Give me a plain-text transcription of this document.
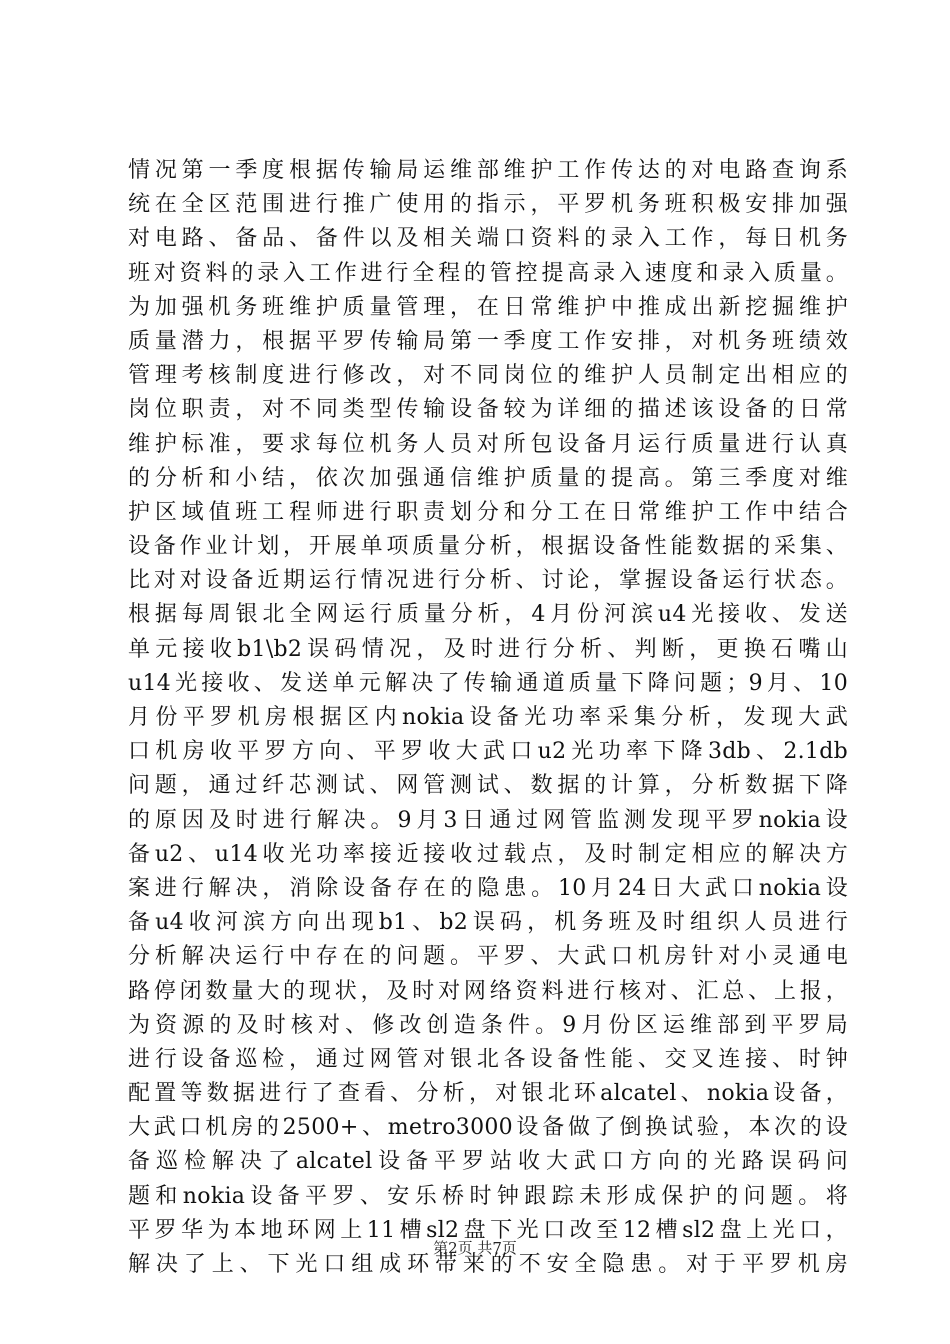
情况第一季度根据传输局运维部维护工作传达的对电路查询系
统在全区范围进行推广使用的指示，平罗机务班积极安排加强
对电路、备品、备件以及相关端口资料的录入工作，每日机务
班对资料的录入工作进行全程的管控提高录入速度和录入质量。
为加强机务班维护质量管理，在日常维护中推成出新挖掘维护
质量潜力，根据平罗传输局第一季度工作安排，对机务班绩效
管理考核制度进行修改，对不同岗位的维护人员制定出相应的
岗位职责，对不同类型传输设备较为详细的描述该设备的日常
维护标准，要求每位机务人员对所包设备月运行质量进行认真
的分析和小结，依次加强通信维护质量的提高。第三季度对维
护区域值班工程师进行职责划分和分工在日常维护工作中结合
设备作业计划，开展单项质量分析，根据设备性能数据的采集、
比对对设备近期运行情况进行分析、讨论，掌握设备运行状态。
根据每周银北全网运行质量分析，4月份河滨u4光接收、发送
单元接收b1\b2误码情况，及时进行分析、判断，更换石嘴山
u14光接收、发送单元解决了传输通道质量下降问题；9月、10
月份平罗机房根据区内nokia设备光功率采集分析，发现大武
口机房收平罗方向、平罗收大武口u2光功率下降3db、2.1db
问题，通过纤芯测试、网管测试、数据的计算，分析数据下降
的原因及时进行解决。9月3日通过网管监测发现平罗nokia设
备u2、u14收光功率接近接收过载点，及时制定相应的解决方
案进行解决，消除设备存在的隐患。10月24日大武口nokia设
备u4收河滨方向出现b1、b2误码，机务班及时组织人员进行
分析解决运行中存在的问题。平罗、大武口机房针对小灵通电
路停闭数量大的现状，及时对网络资料进行核对、汇总、上报，
为资源的及时核对、修改创造条件。9月份区运维部到平罗局
进行设备巡检，通过网管对银北各设备性能、交叉连接、时钟
配置等数据进行了查看、分析，对银北环alcatel、nokia设备，
大武口机房的2500+、metro3000设备做了倒换试验，本次的设
备巡检解决了alcatel设备平罗站收大武口方向的光路误码问
题和nokia设备平罗、安乐桥时钟跟踪未形成保护的问题。将
平罗华为本地环网上11槽sl2盘下光口改至12槽sl2盘上光口，
解决了上、下光口组成环带来的不安全隐患。对于平罗机房
第2页 共7页
